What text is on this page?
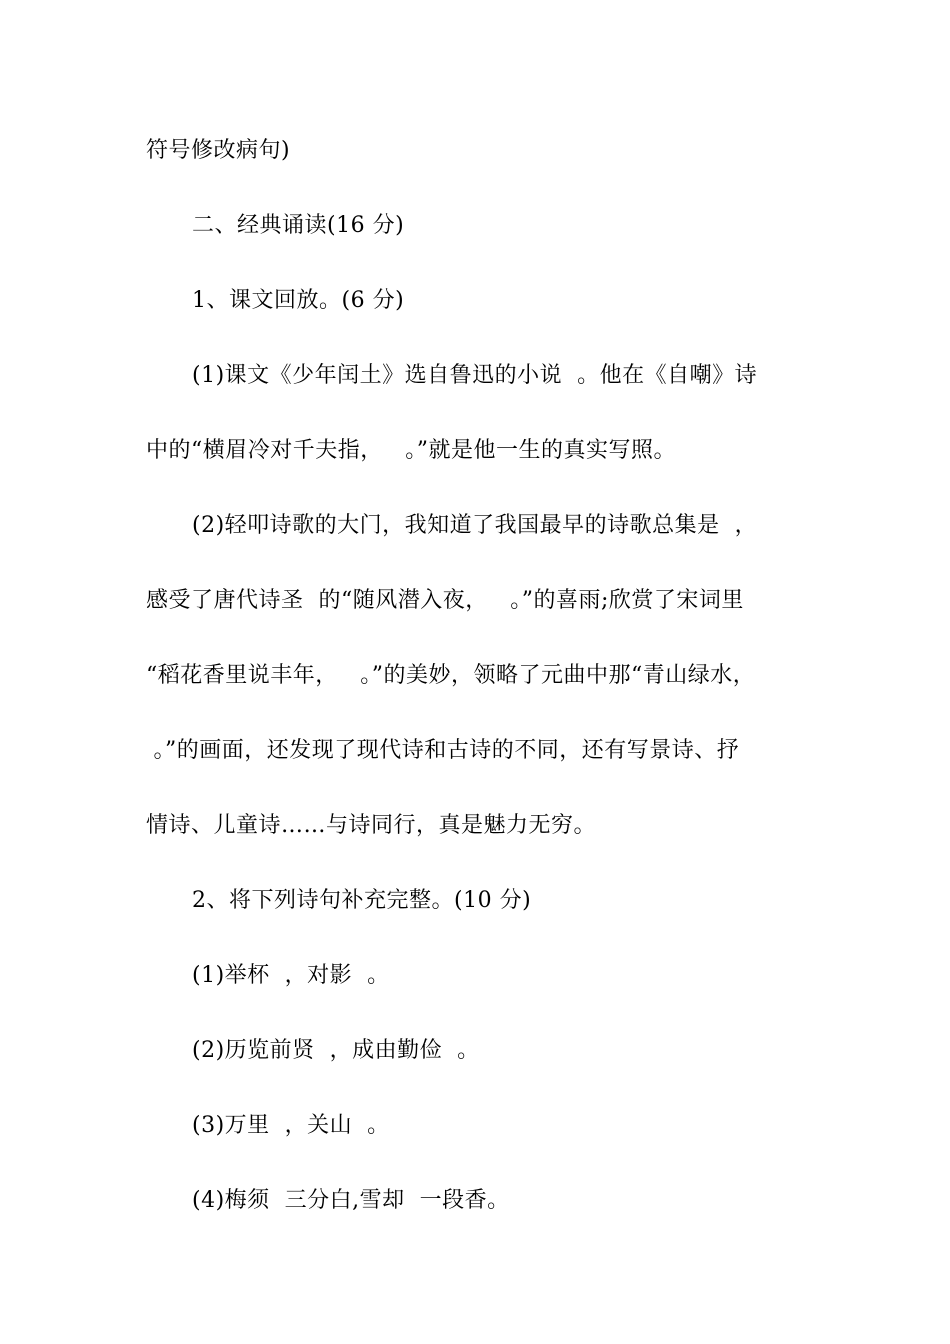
符号修改病句)
二、经典诵读(16 分)
1、课文回放。(6 分)
(1)课文《少年闰土》选自鲁迅的小说  。他在《自嘲》诗
中的“横眉冷对千夫指，   。”就是他一生的真实写照。
(2)轻叩诗歌的大门，我知道了我国最早的诗歌总集是  ，
感受了唐代诗圣  的“随风潜入夜，   。”的喜雨;欣赏了宋词里
“稻花香里说丰年，   。”的美妙，领略了元曲中那“青山绿水，
。”的画面，还发现了现代诗和古诗的不同，还有写景诗、抒
情诗、儿童诗……与诗同行，真是魅力无穷。
2、将下列诗句补充完整。(10 分)
(1)举杯  ，对影  。
(2)历览前贤  ，成由勤俭  。
(3)万里  ，关山  。
(4)梅须  三分白,雪却  一段香。
